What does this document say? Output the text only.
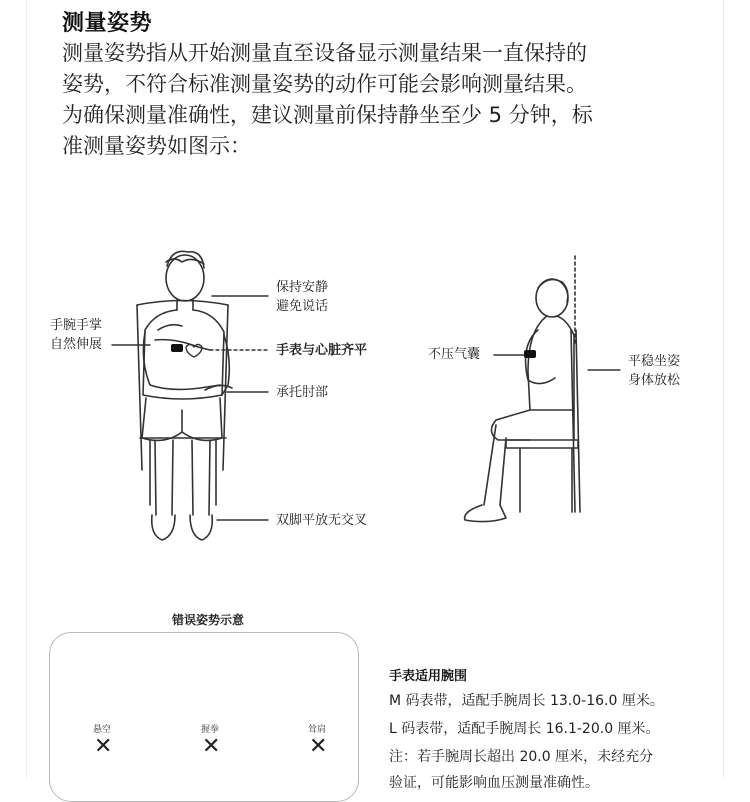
测量姿势
测量姿势指从开始测量直至设备显示测量结果一直保持的
姿势，不符合标准测量姿势的动作可能会影响测量结果。
为确保测量准确性，建议测量前保持静坐至少 5 分钟，标
准测量姿势如图示：
保持安静
避免说话
手腕手掌
自然伸展	手表与心脏齐平
承托肘部
双脚平放无交叉
不压气囊	平稳坐姿
身体放松
错误姿势示意
悬空	握拳	耸肩
✕	✕	✕
手表适用腕围
M 码表带，适配手腕周长 13.0-16.0 厘米。
L 码表带，适配手腕周长 16.1-20.0 厘米。
注：若手腕周长超出 20.0 厘米，未经充分
验证，可能影响血压测量准确性。
